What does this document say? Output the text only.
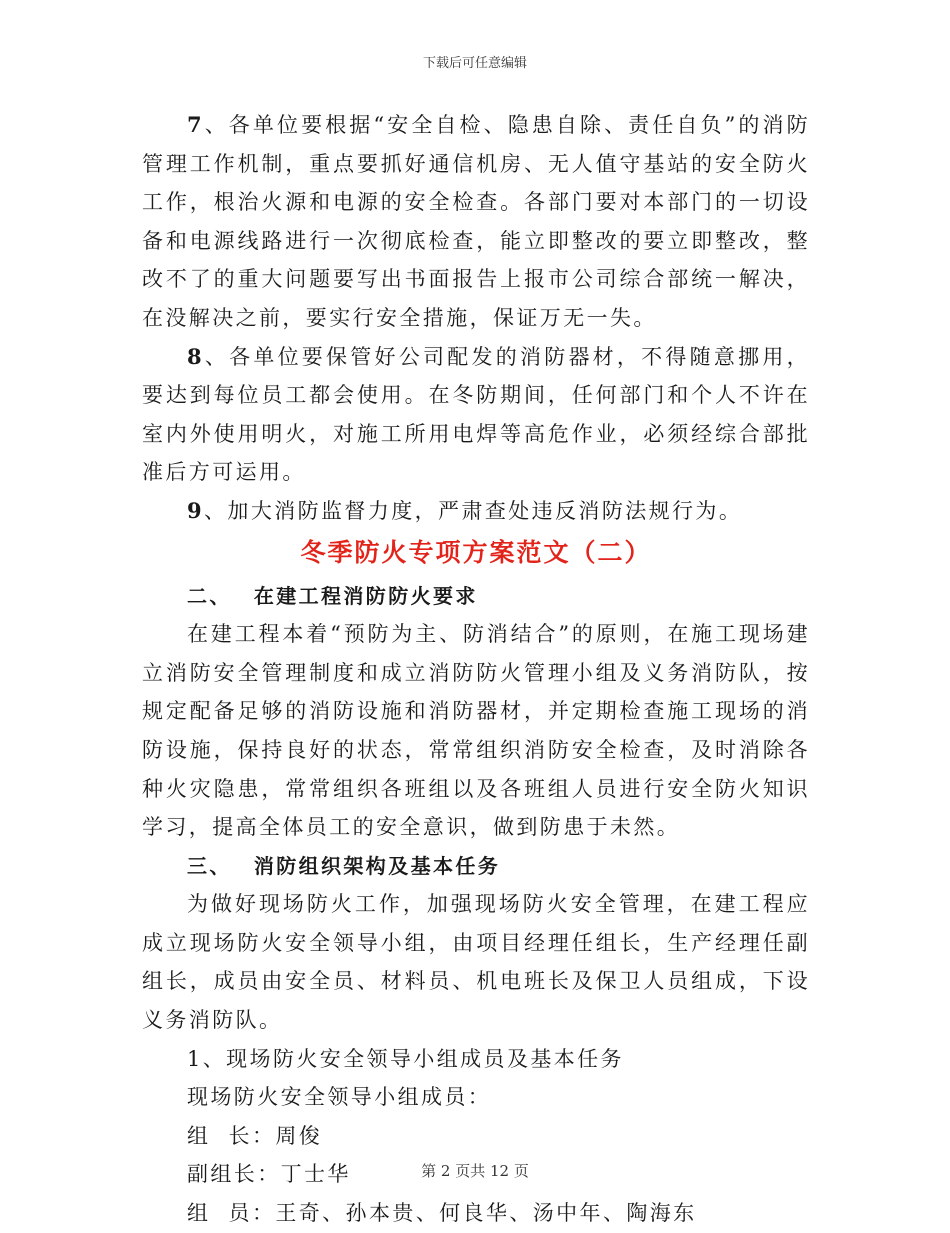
下载后可任意编辑

7、各单位要根据“安全自检、隐患自除、责任自负”的消防管理工作机制，重点要抓好通信机房、无人值守基站的安全防火工作，根治火源和电源的安全检查。各部门要对本部门的一切设备和电源线路进行一次彻底检查，能立即整改的要立即整改，整改不了的重大问题要写出书面报告上报市公司综合部统一解决，在没解决之前，要实行安全措施，保证万无一失。

8、各单位要保管好公司配发的消防器材，不得随意挪用，要达到每位员工都会使用。在冬防期间，任何部门和个人不许在室内外使用明火，对施工所用电焊等高危作业，必须经综合部批准后方可运用。

9、加大消防监督力度，严肃查处违反消防法规行为。

冬季防火专项方案范文（二）

二、 在建工程消防防火要求

在建工程本着“预防为主、防消结合”的原则，在施工现场建立消防安全管理制度和成立消防防火管理小组及义务消防队，按规定配备足够的消防设施和消防器材，并定期检查施工现场的消防设施，保持良好的状态，常常组织消防安全检查，及时消除各种火灾隐患，常常组织各班组以及各班组人员进行安全防火知识学习，提高全体员工的安全意识，做到防患于未然。

三、 消防组织架构及基本任务

为做好现场防火工作，加强现场防火安全管理，在建工程应成立现场防火安全领导小组，由项目经理任组长，生产经理任副组长，成员由安全员、材料员、机电班长及保卫人员组成，下设义务消防队。

1、现场防火安全领导小组成员及基本任务

现场防火安全领导小组成员：

组  长：周俊

副组长：丁士华

组  员：王奇、孙本贵、何良华、汤中年、陶海东

第 2 页共 12 页
